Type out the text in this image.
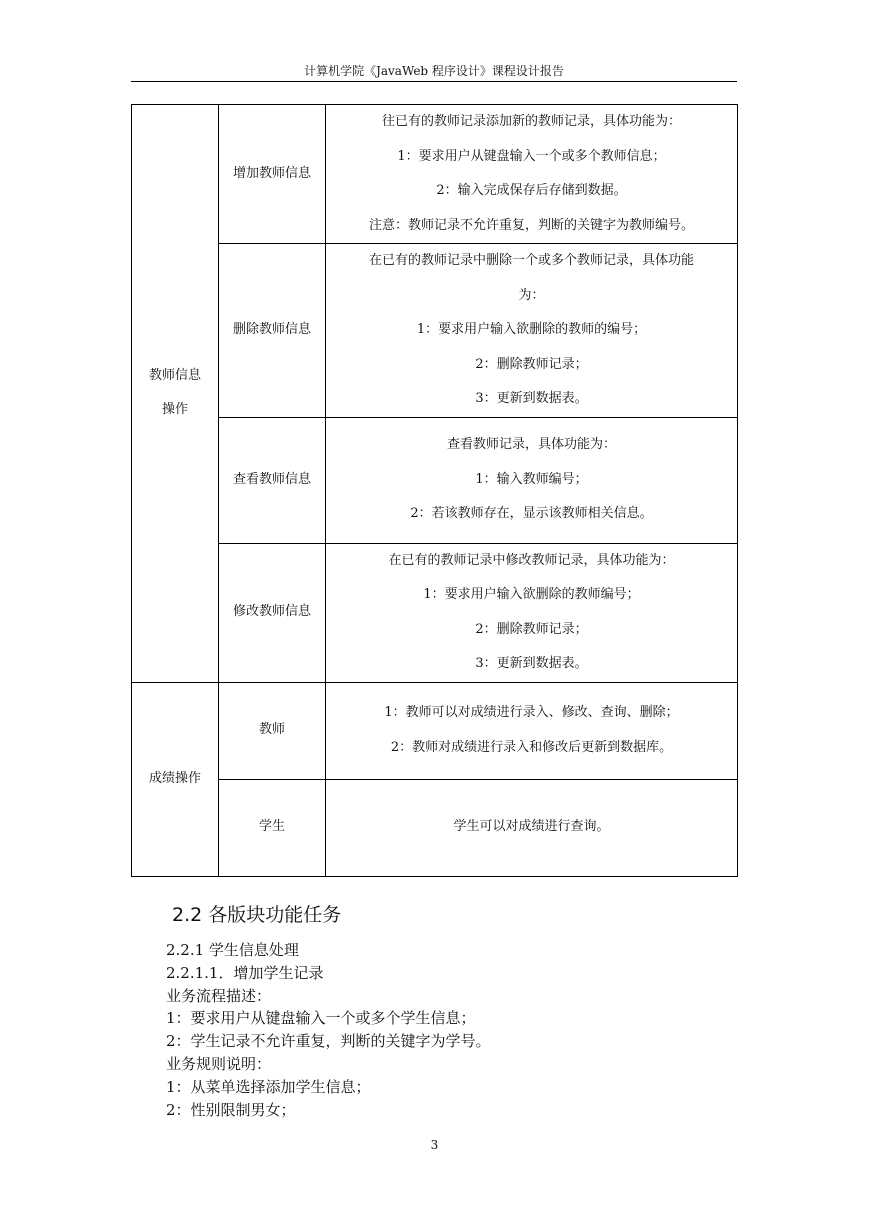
计算机学院《JavaWeb 程序设计》课程设计报告
教师信息
操作	增加教师信息	往已有的教师记录添加新的教师记录，具体功能为：
1：要求用户从键盘输入一个或多个教师信息；
2：输入完成保存后存储到数据。
注意：教师记录不允许重复，判断的关键字为教师编号。

	删除教师信息	在已有的教师记录中删除一个或多个教师记录，具体功能
为：
1：要求用户输入欲删除的教师的编号；
2：删除教师记录；
3：更新到数据表。

	查看教师信息	查看教师记录，具体功能为：
1：输入教师编号；
2：若该教师存在，显示该教师相关信息。

	修改教师信息	在已有的教师记录中修改教师记录，具体功能为：
1：要求用户输入欲删除的教师编号；
2：删除教师记录；
3：更新到数据表。

成绩操作	教师	1：教师可以对成绩进行录入、修改、查询、删除；
2：教师对成绩进行录入和修改后更新到数据库。

	学生	学生可以对成绩进行查询。
2.2 各版块功能任务
2.2.1 学生信息处理
2.2.1.1．增加学生记录
业务流程描述：
1：要求用户从键盘输入一个或多个学生信息；
2：学生记录不允许重复，判断的关键字为学号。
业务规则说明：
1：从菜单选择添加学生信息；
2：性别限制男女；
3
